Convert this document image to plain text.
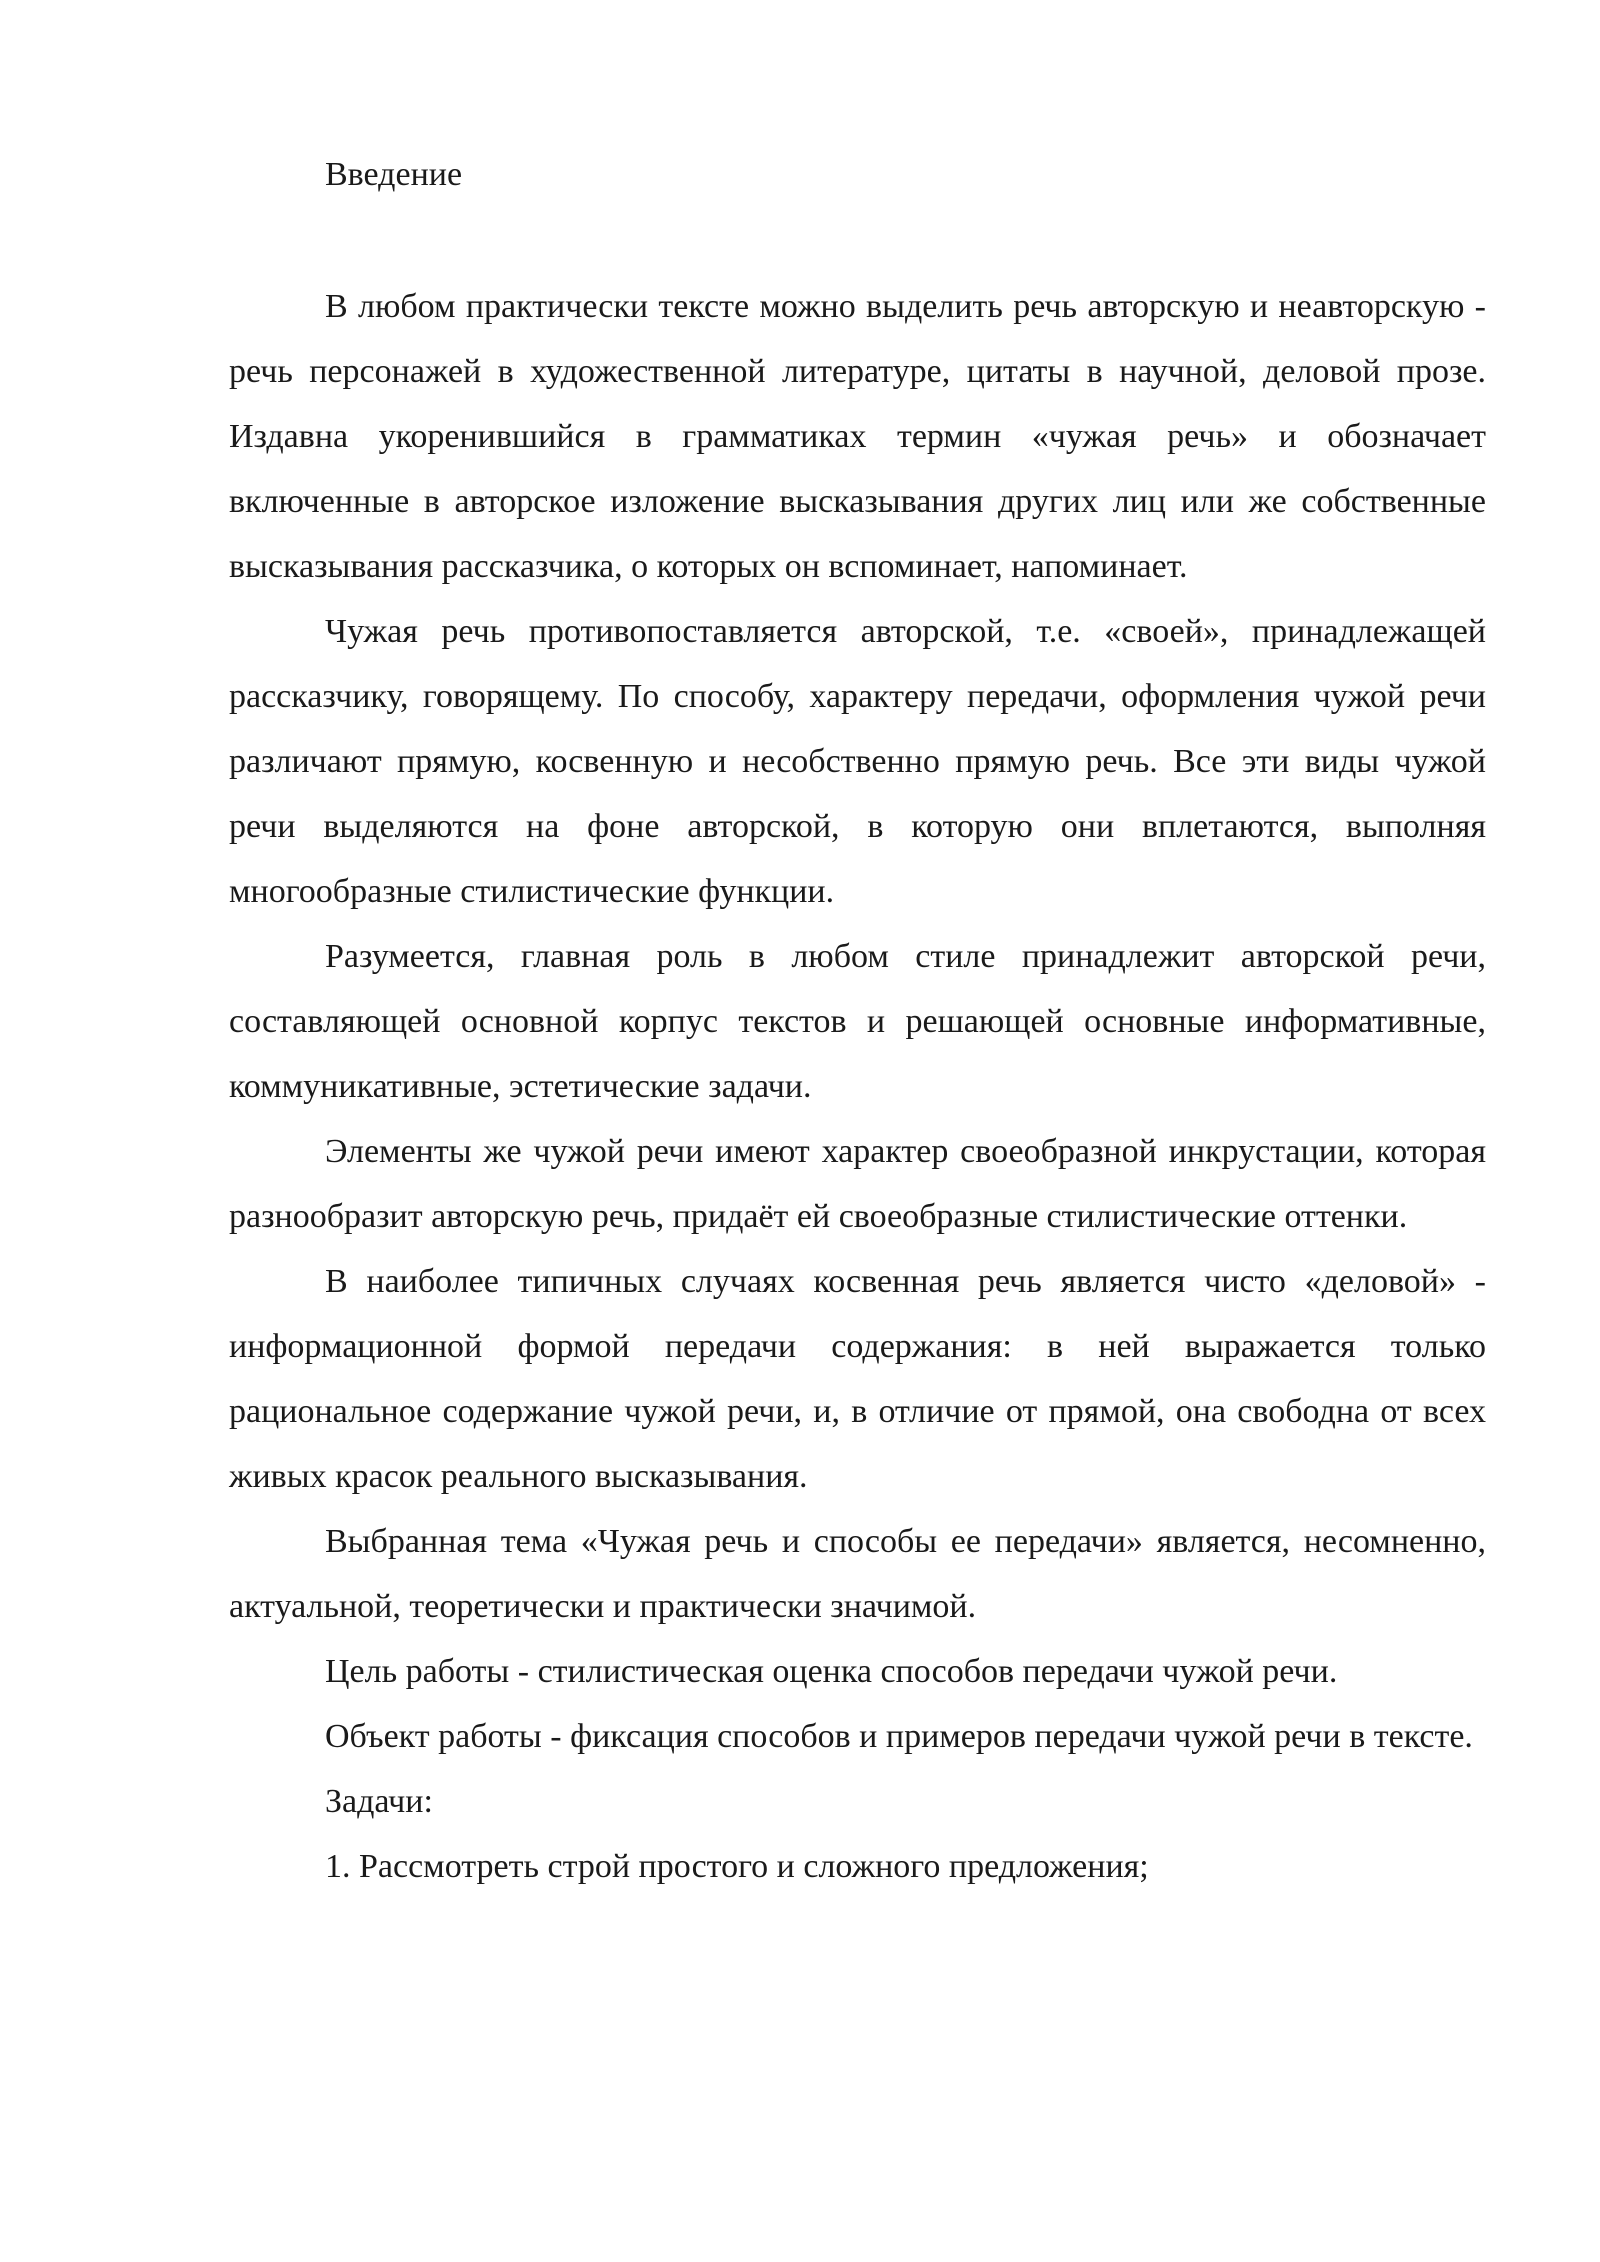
Введение

В любом практически тексте можно выделить речь авторскую и неавторскую - речь персонажей в художественной литературе, цитаты в научной, деловой прозе. Издавна укоренившийся в грамматиках термин «чужая речь» и обозначает включенные в авторское изложение высказывания других лиц или же собственные высказывания рассказчика, о которых он вспоминает, напоминает.

Чужая речь противопоставляется авторской, т.е. «своей», принадлежащей рассказчику, говорящему. По способу, характеру передачи, оформления чужой речи различают прямую, косвенную и несобственно прямую речь. Все эти виды чужой речи выделяются на фоне авторской, в которую они вплетаются, выполняя многообразные стилистические функции.

Разумеется, главная роль в любом стиле принадлежит авторской речи, составляющей основной корпус текстов и решающей основные информативные, коммуникативные, эстетические задачи.

Элементы же чужой речи имеют характер своеобразной инкрустации, которая разнообразит авторскую речь, придаёт ей своеобразные стилистические оттенки.

В наиболее типичных случаях косвенная речь является чисто «деловой» - информационной формой передачи содержания: в ней выражается только рациональное содержание чужой речи, и, в отличие от прямой, она свободна от всех живых красок реального высказывания.

Выбранная тема «Чужая речь и способы ее передачи» является, несомненно, актуальной, теоретически и практически значимой.

Цель работы - стилистическая оценка способов передачи чужой речи.

Объект работы - фиксация способов и примеров передачи чужой речи в тексте.

Задачи:

1. Рассмотреть строй простого и сложного предложения;
